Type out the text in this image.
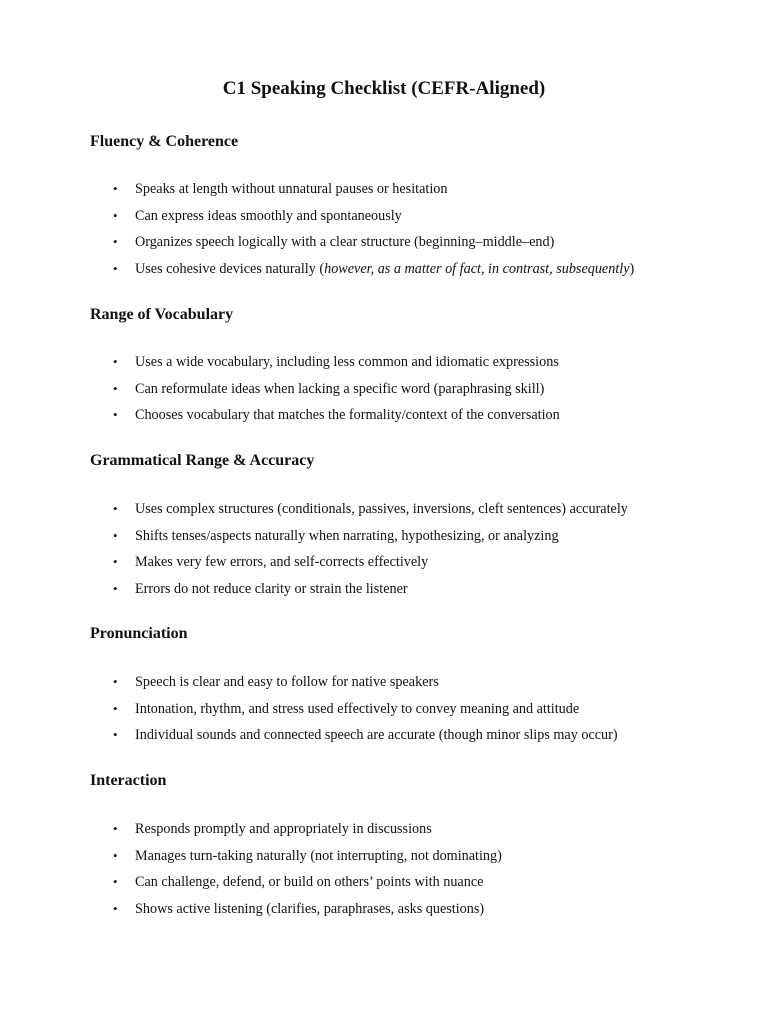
C1 Speaking Checklist (CEFR-Aligned)
Fluency & Coherence
• Speaks at length without unnatural pauses or hesitation
• Can express ideas smoothly and spontaneously
• Organizes speech logically with a clear structure (beginning–middle–end)
• Uses cohesive devices naturally (however, as a matter of fact, in contrast, subsequently)
Range of Vocabulary
• Uses a wide vocabulary, including less common and idiomatic expressions
• Can reformulate ideas when lacking a specific word (paraphrasing skill)
• Chooses vocabulary that matches the formality/context of the conversation
Grammatical Range & Accuracy
• Uses complex structures (conditionals, passives, inversions, cleft sentences) accurately
• Shifts tenses/aspects naturally when narrating, hypothesizing, or analyzing
• Makes very few errors, and self-corrects effectively
• Errors do not reduce clarity or strain the listener
Pronunciation
• Speech is clear and easy to follow for native speakers
• Intonation, rhythm, and stress used effectively to convey meaning and attitude
• Individual sounds and connected speech are accurate (though minor slips may occur)
Interaction
• Responds promptly and appropriately in discussions
• Manages turn-taking naturally (not interrupting, not dominating)
• Can challenge, defend, or build on others’ points with nuance
• Shows active listening (clarifies, paraphrases, asks questions)
